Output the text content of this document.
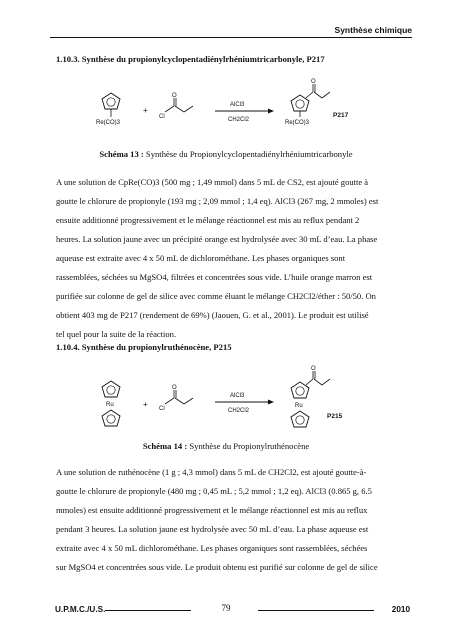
Synthèse chimique
1.10.3. Synthèse du propionylcyclopentadiénylrhéniumtricarbonyle, P217
Re(CO)3
+
O
Cl
AlCl3
CH2Cl2
O
Re(CO)3
P217
Schéma 13 : Synthèse du Propionylcyclopentadiénylrhéniumtricarbonyle

A une solution de CpRe(CO)3 (500 mg ; 1,49 mmol) dans 5 mL de CS2, est ajouté goutte à

goutte le chlorure de propionyle (193 mg ; 2,09 mmol ; 1,4 eq). AlCl3 (267 mg, 2 mmoles) est

ensuite additionné progressivement et le mélange réactionnel est mis au reflux pendant 2

heures. La solution jaune avec un précipité orange est hydrolysée avec 30 mL d’eau. La phase

aqueuse est extraite avec 4 x 50 mL de dichlorométhane. Les phases organiques sont

rassemblées, séchées su MgSO4, filtrées et concentrées sous vide. L’huile orange marron est

purifiée sur colonne de gel de silice avec comme éluant le mélange CH2Cl2/éther : 50/50. On

obtient 403 mg de P217 (rendement de 69%) (Jaouen, G. et al., 2001). Le produit est utilisé

tel quel pour la suite de la réaction.

1.10.4. Synthèse du propionylruthénocène, P215
Ru	+
O
Cl
AlCl3
CH2Cl2
O
Ru
P215
Schéma 14 : Synthèse du Propionylruthénocène

A une solution de ruthénocène (1 g ; 4,3 mmol) dans 5 mL de CH2Cl2, est ajouté goutte-à-

goutte le chlorure de propionyle (480 mg ; 0,45 mL ; 5,2 mmol ; 1,2 eq). AlCl3 (0.865 g, 6.5

mmoles) est ensuite additionné progressivement et le mélange réactionnel est mis au reflux

pendant 3 heures. La solution jaune est hydrolysée avec 50 mL d’eau. La phase aqueuse est

extraite avec 4 x 50 mL dichlorométhane. Les phases organiques sont rassemblées, séchées

sur MgSO4 et concentrées sous vide. Le produit obtenu est purifié sur colonne de gel de silice

U.P.M.C./U.S.	79	2010
